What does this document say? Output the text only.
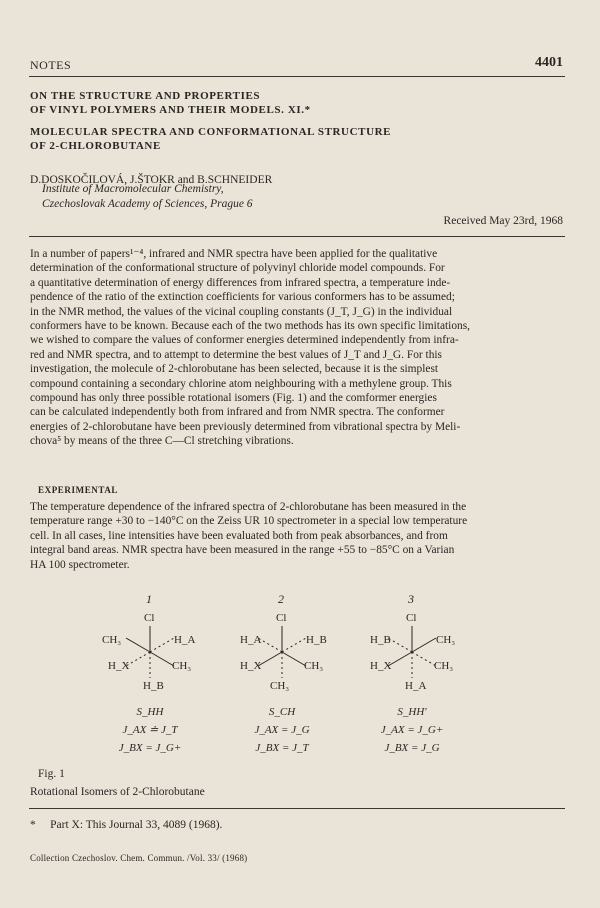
NOTES	4401
ON THE STRUCTURE AND PROPERTIES
OF VINYL POLYMERS AND THEIR MODELS. XI.*
MOLECULAR SPECTRA AND CONFORMATIONAL STRUCTURE
OF 2-CHLOROBUTANE
D.DOSKOČILOVÁ, J.ŠTOKR and B.SCHNEIDER
Institute of Macromolecular Chemistry,
Czechoslovak Academy of Sciences, Prague 6
Received May 23rd, 1968
In a number of papers¹⁻⁴, infrared and NMR spectra have been applied for the qualitative
determination of the conformational structure of polyvinyl chloride model compounds. For
a quantitative determination of energy differences from infrared spectra, a temperature inde-
pendence of the ratio of the extinction coefficients for various conformers has to be assumed;
in the NMR method, the values of the vicinal coupling constants (J_T, J_G) in the individual
conformers have to be known. Because each of the two methods has its own specific limitations,
we wished to compare the values of conformer energies determined independently from infra-
red and NMR spectra, and to attempt to determine the best values of J_T and J_G. For this
investigation, the molecule of 2-chlorobutane has been selected, because it is the simplest
compound containing a secondary chlorine atom neighbouring with a methylene group. This
compound has only three possible rotational isomers (Fig. 1) and the comformer energies
can be calculated independently both from infrared and from NMR spectra. The conformer
energies of 2-chlorobutane have been previously determined from vibrational spectra by Meli-
chova⁵ by means of the three C—Cl stretching vibrations.
EXPERIMENTAL
The temperature dependence of the infrared spectra of 2-chlorobutane has been measured in the
temperature range +30 to −140°C on the Zeiss UR 10 spectrometer in a special low temperature
cell. In all cases, line intensities have been evaluated both from peak absorbances, and from
integral band areas. NMR spectra have been measured in the range +55 to −85°C on a Varian
HA 100 spectrometer.
1
Cl
CH₃	H_A
H_X	CH₃
H_B
S_HH
J_AX ≐ J_T
J_BX = J_G+
2
Cl
H_A	H_B
H_X	CH₃
CH₃
S_CH
J_AX = J_G
J_BX = J_T
3
Cl
H_B	CH₃
H_X	CH₃
H_A
S_HH'
J_AX = J_G+
J_BX = J_G
Fig. 1
Rotational Isomers of 2-Chlorobutane
*     Part X: This Journal 33, 4089 (1968).
Collection Czechoslov. Chem. Commun. /Vol. 33/ (1968)
